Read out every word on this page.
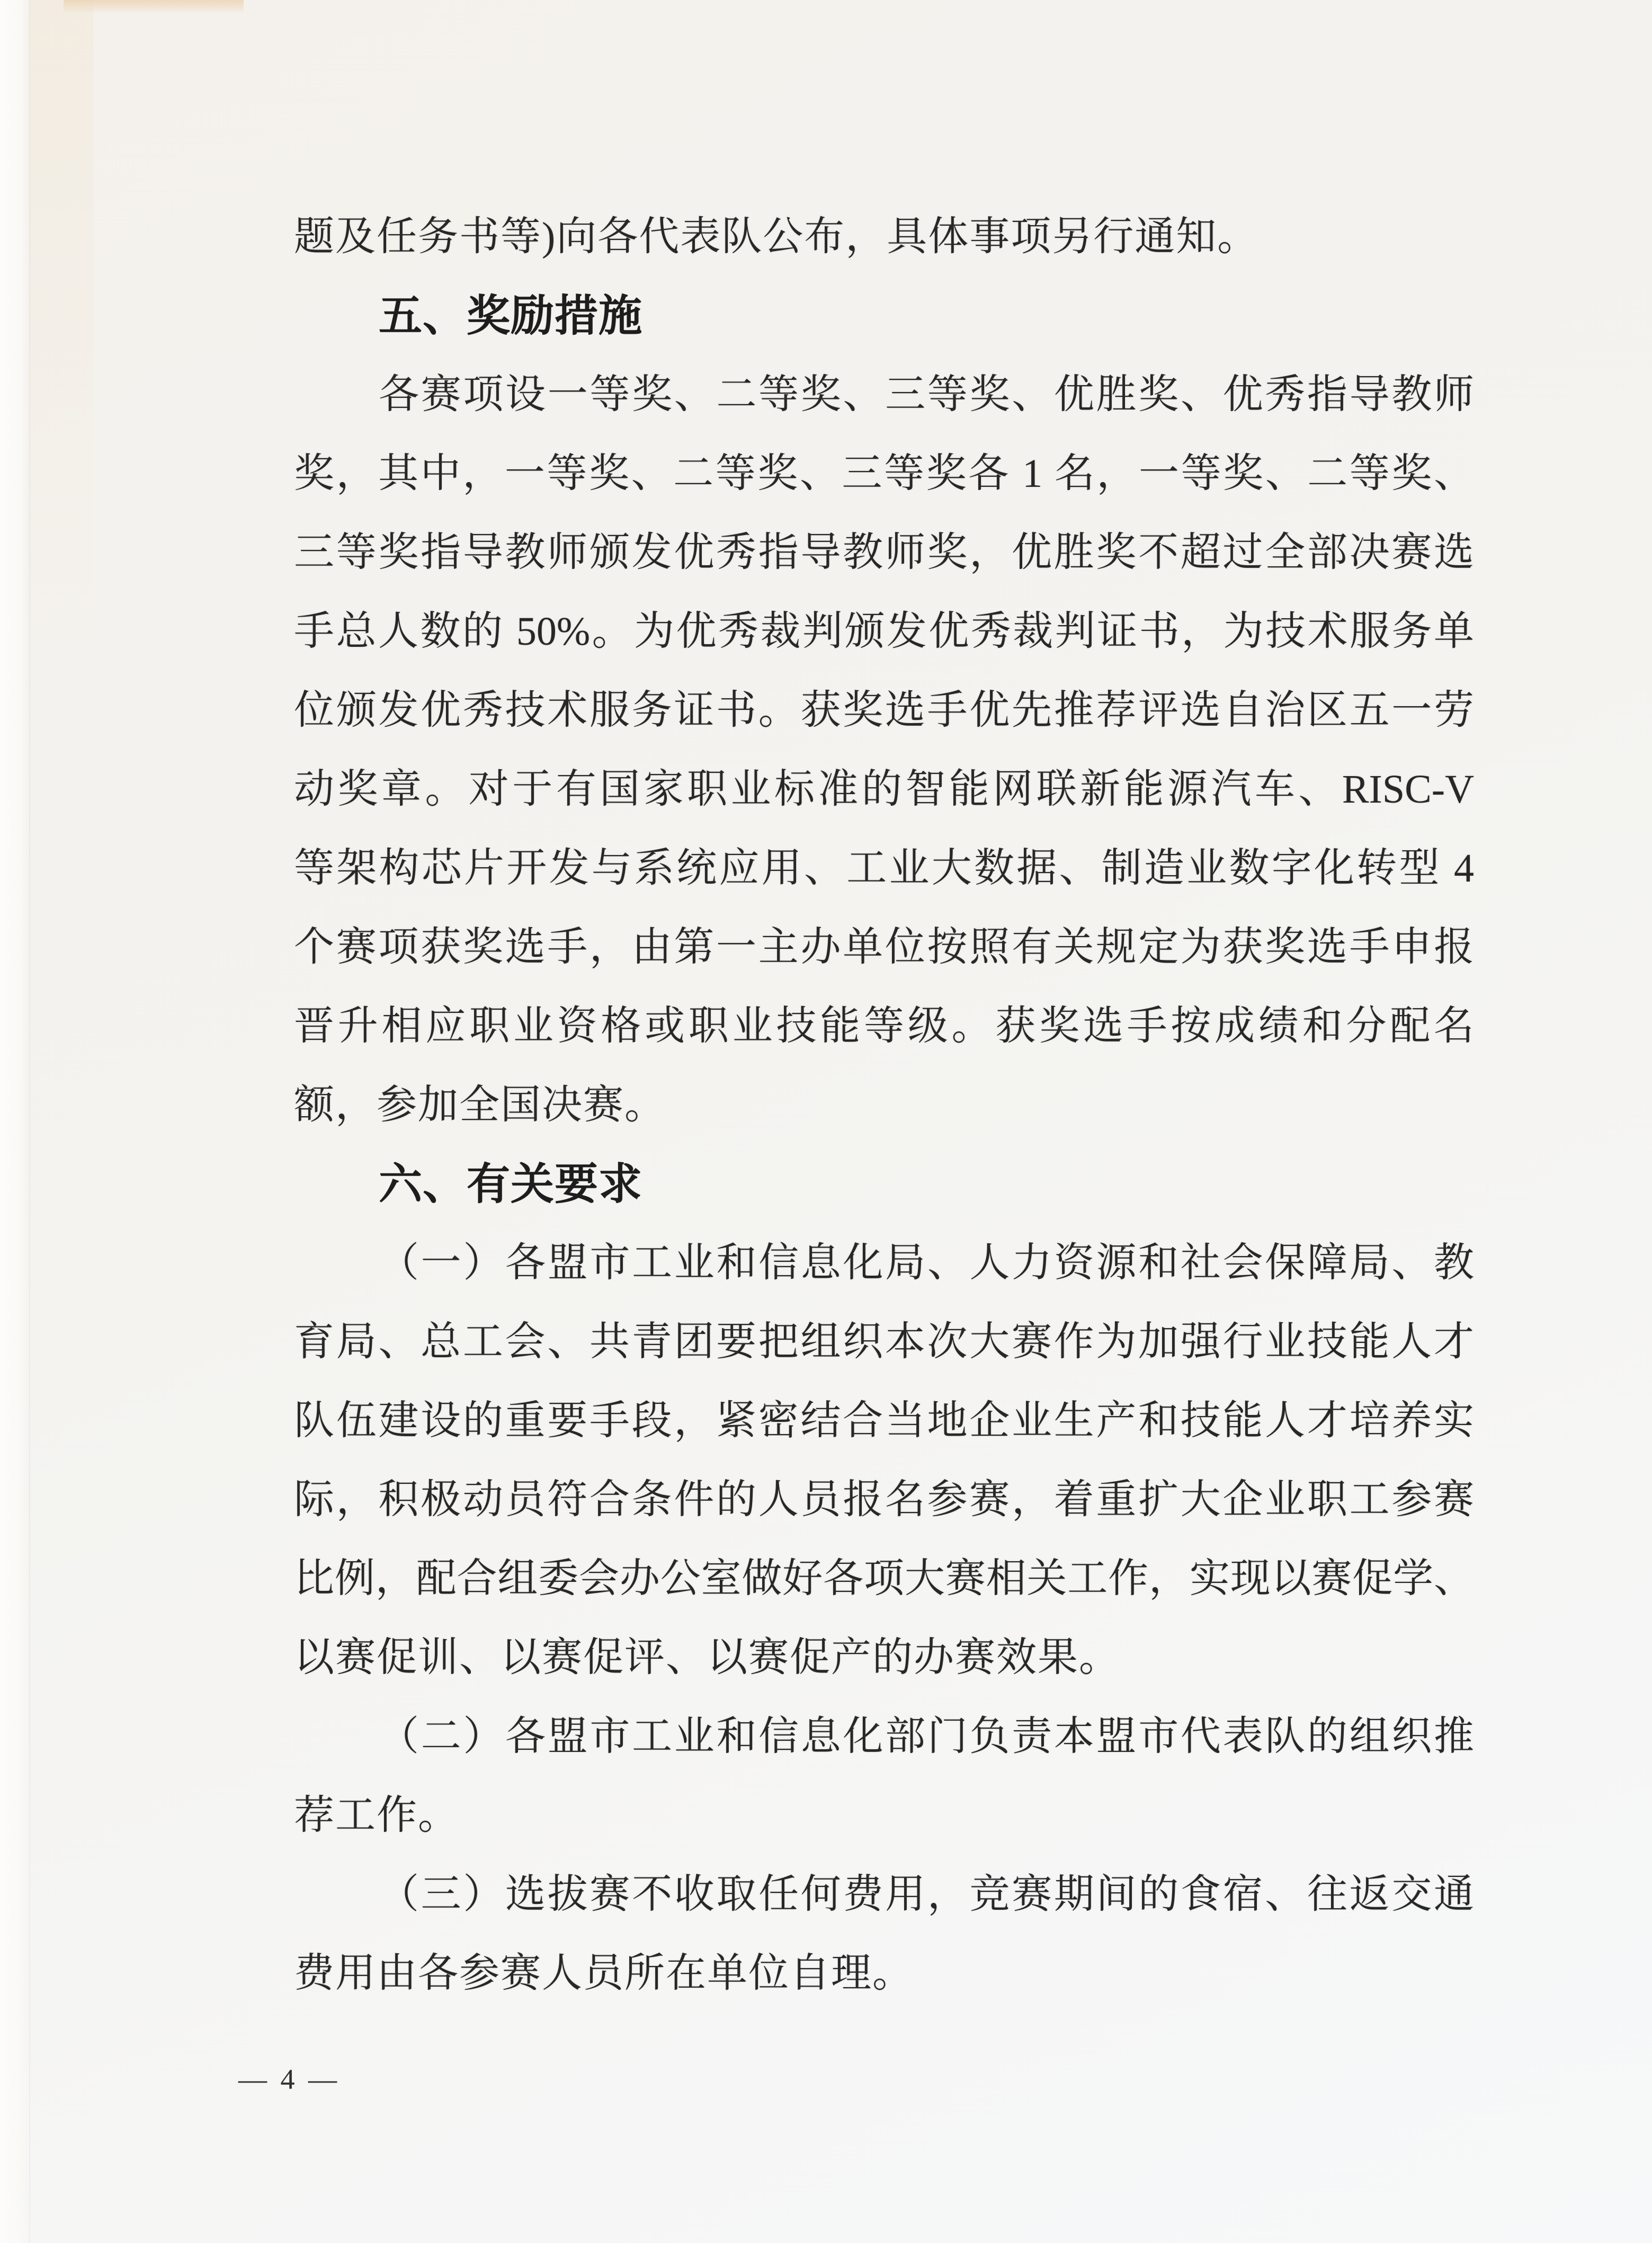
题及任务书等)向各代表队公布，具体事项另行通知。
五、奖励措施
各赛项设一等奖、二等奖、三等奖、优胜奖、优秀指导教师
奖，其中，一等奖、二等奖、三等奖各 1 名，一等奖、二等奖、
三等奖指导教师颁发优秀指导教师奖，优胜奖不超过全部决赛选
手总人数的 50%。为优秀裁判颁发优秀裁判证书，为技术服务单
位颁发优秀技术服务证书。获奖选手优先推荐评选自治区五一劳
动奖章。对于有国家职业标准的智能网联新能源汽车、RISC-V
等架构芯片开发与系统应用、工业大数据、制造业数字化转型 4
个赛项获奖选手，由第一主办单位按照有关规定为获奖选手申报
晋升相应职业资格或职业技能等级。获奖选手按成绩和分配名
额，参加全国决赛。
六、有关要求
（一）各盟市工业和信息化局、人力资源和社会保障局、教
育局、总工会、共青团要把组织本次大赛作为加强行业技能人才
队伍建设的重要手段，紧密结合当地企业生产和技能人才培养实
际，积极动员符合条件的人员报名参赛，着重扩大企业职工参赛
比例，配合组委会办公室做好各项大赛相关工作，实现以赛促学、
以赛促训、以赛促评、以赛促产的办赛效果。
（二）各盟市工业和信息化部门负责本盟市代表队的组织推
荐工作。
（三）选拔赛不收取任何费用，竞赛期间的食宿、往返交通
费用由各参赛人员所在单位自理。
— 4 —
